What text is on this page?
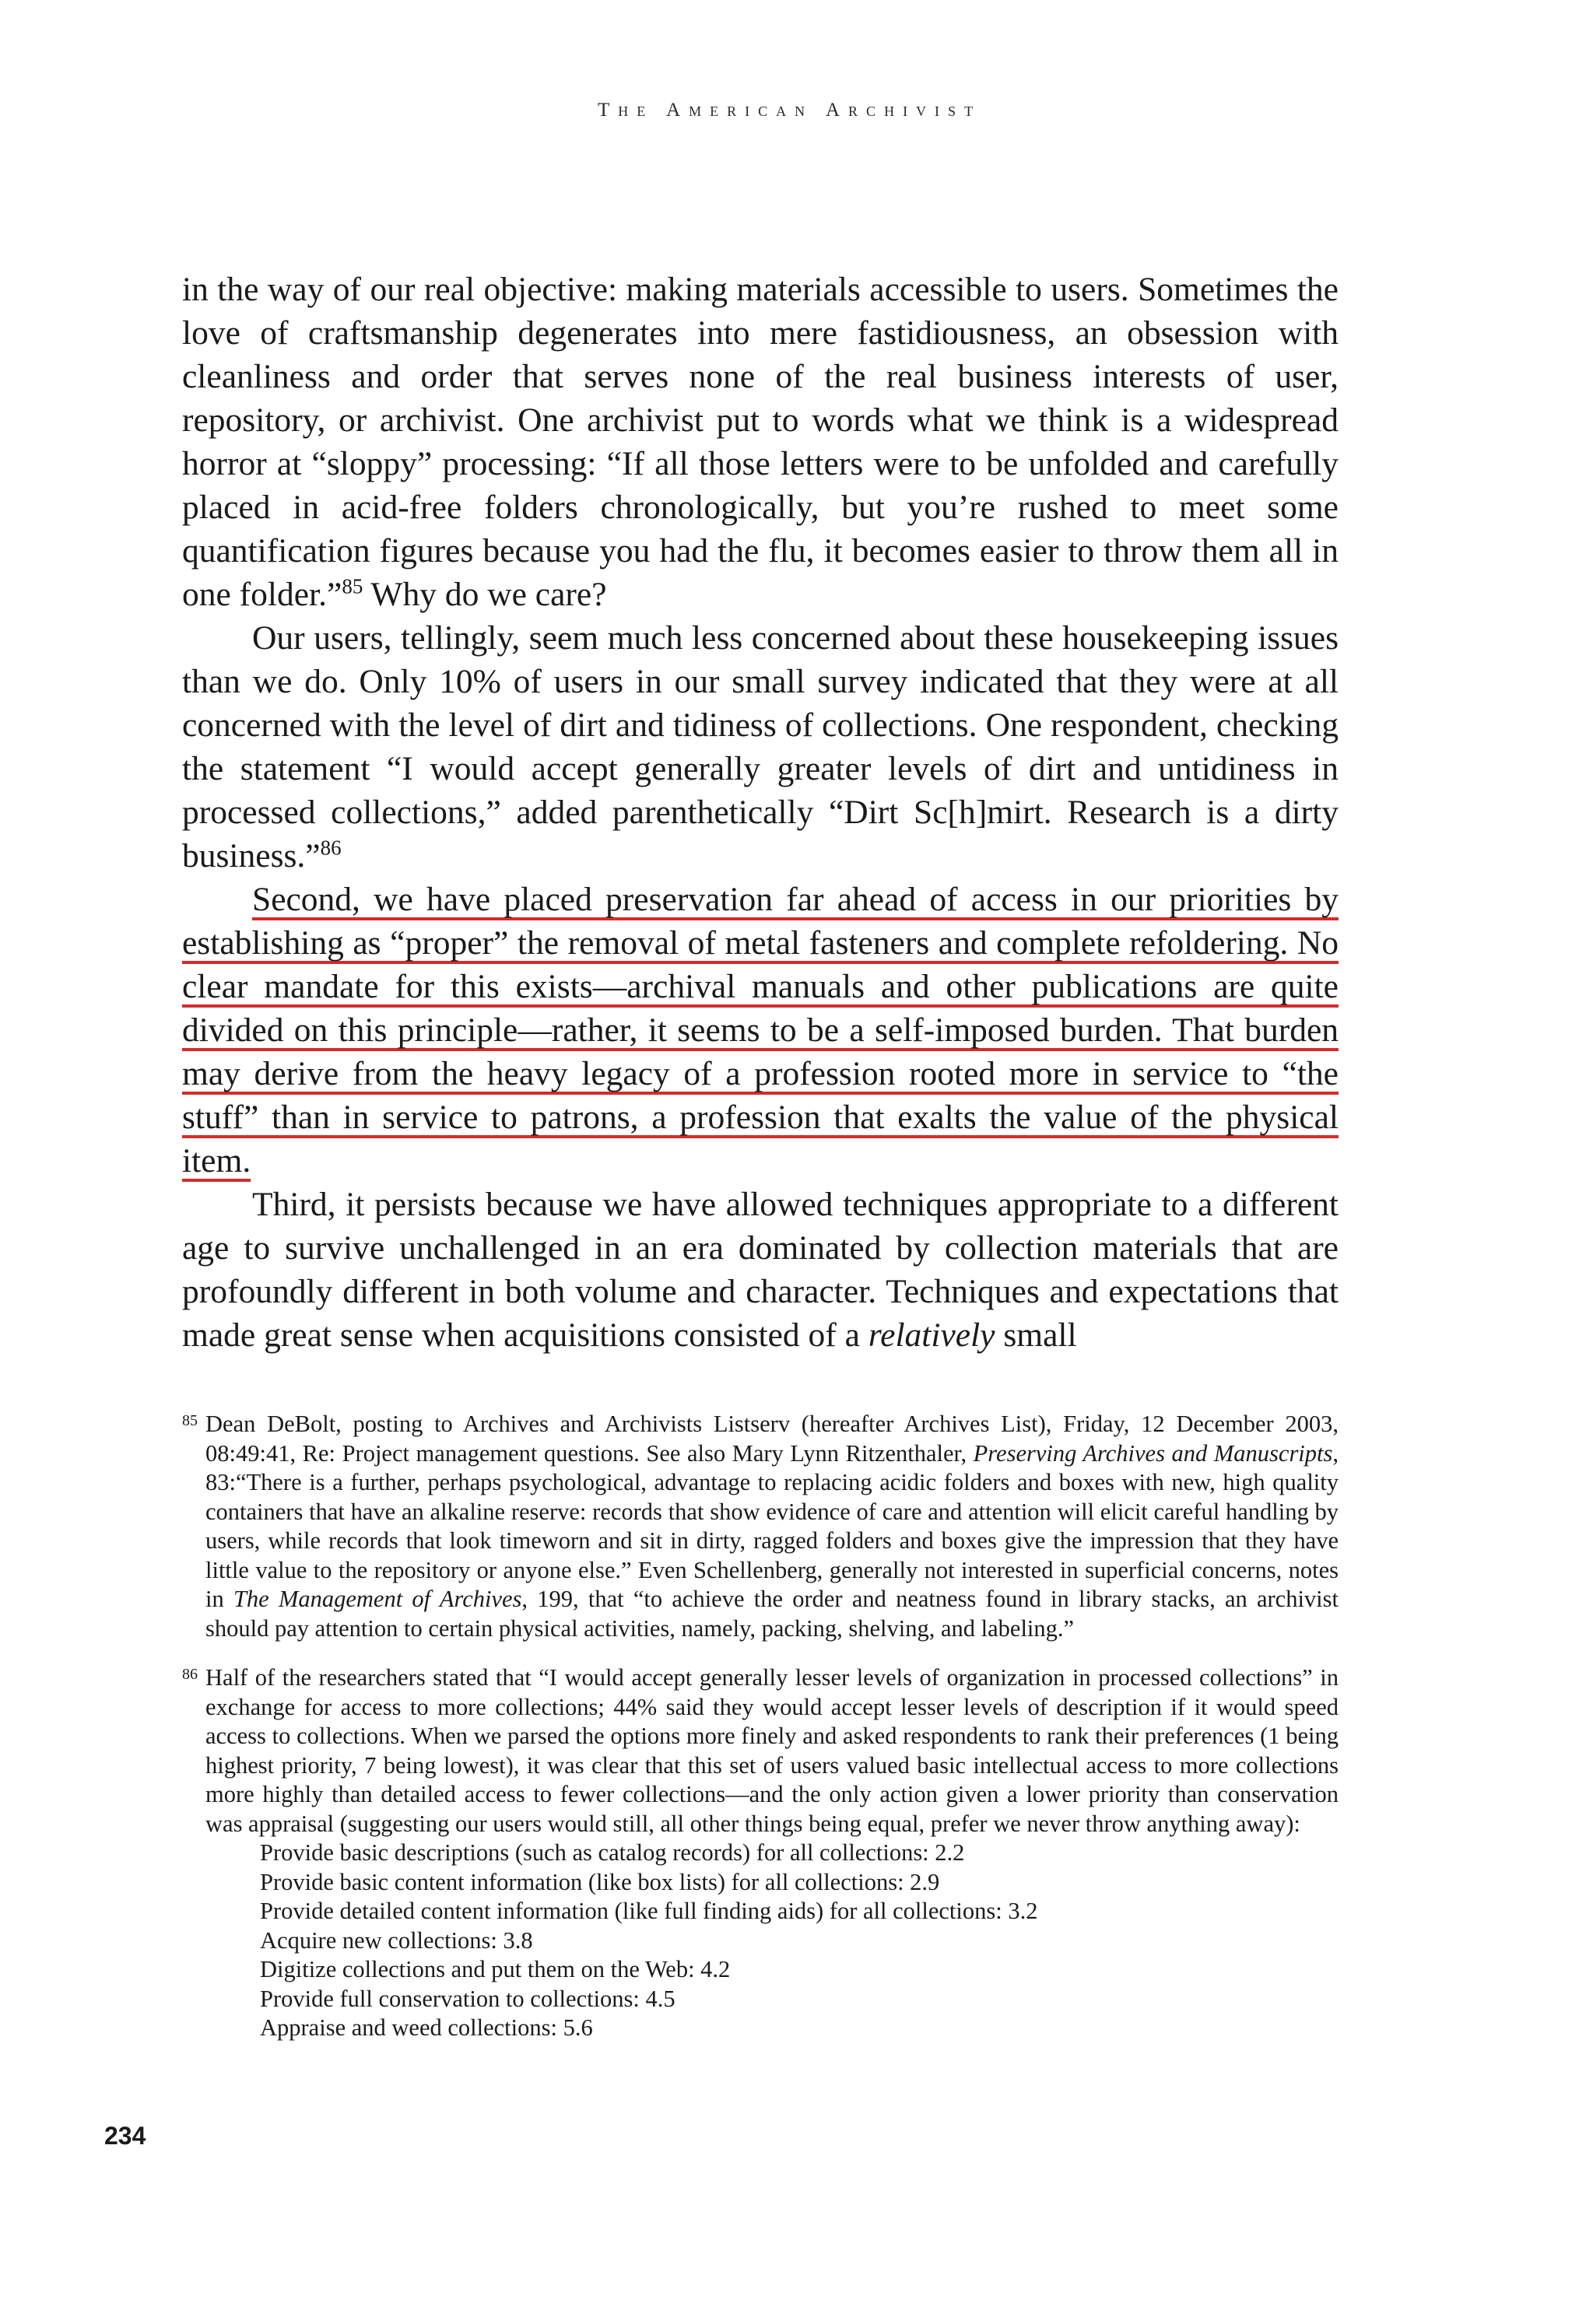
The American Archivist

in the way of our real objective: making materials accessible to users. Sometimes the love of craftsmanship degenerates into mere fastidiousness, an obsession with cleanliness and order that serves none of the real business interests of user, repository, or archivist. One archivist put to words what we think is a widespread horror at “sloppy” processing: “If all those letters were to be unfolded and carefully placed in acid-free folders chronologically, but you’re rushed to meet some quantification figures because you had the flu, it becomes easier to throw them all in one folder.”$^{85}$ Why do we care?

Our users, tellingly, seem much less concerned about these housekeeping issues than we do. Only 10% of users in our small survey indicated that they were at all concerned with the level of dirt and tidiness of collections. One respondent, checking the statement “I would accept generally greater levels of dirt and untidiness in processed collections,” added parenthetically “Dirt Sc[h]mirt. Research is a dirty business.”$^{86}$

Second, we have placed preservation far ahead of access in our priorities by establishing as “proper” the removal of metal fasteners and complete refoldering. No clear mandate for this exists—archival manuals and other publications are quite divided on this principle—rather, it seems to be a self-imposed burden. That burden may derive from the heavy legacy of a profession rooted more in service to “the stuff” than in service to patrons, a profession that exalts the value of the physical item.

Third, it persists because we have allowed techniques appropriate to a different age to survive unchallenged in an era dominated by collection materials that are profoundly different in both volume and character. Techniques and expectations that made great sense when acquisitions consisted of a relatively small

85 Dean DeBolt, posting to Archives and Archivists Listserv (hereafter Archives List), Friday, 12 December 2003, 08:49:41, Re: Project management questions. See also Mary Lynn Ritzenthaler, Preserving Archives and Manuscripts, 83:“There is a further, perhaps psychological, advantage to replacing acidic folders and boxes with new, high quality containers that have an alkaline reserve: records that show evidence of care and attention will elicit careful handling by users, while records that look timeworn and sit in dirty, ragged folders and boxes give the impression that they have little value to the repository or anyone else.” Even Schellenberg, generally not interested in superficial concerns, notes in The Management of Archives, 199, that “to achieve the order and neatness found in library stacks, an archivist should pay attention to certain physical activities, namely, packing, shelving, and labeling.”
86 Half of the researchers stated that “I would accept generally lesser levels of organization in processed collections” in exchange for access to more collections; 44% said they would accept lesser levels of description if it would speed access to collections. When we parsed the options more finely and asked respondents to rank their preferences (1 being highest priority, 7 being lowest), it was clear that this set of users valued basic intellectual access to more collections more highly than detailed access to fewer collections—and the only action given a lower priority than conservation was appraisal (suggesting our users would still, all other things being equal, prefer we never throw anything away):
Provide basic descriptions (such as catalog records) for all collections: 2.2
Provide basic content information (like box lists) for all collections: 2.9
Provide detailed content information (like full finding aids) for all collections: 3.2
Acquire new collections: 3.8
Digitize collections and put them on the Web: 4.2
Provide full conservation to collections: 4.5
Appraise and weed collections: 5.6
234
